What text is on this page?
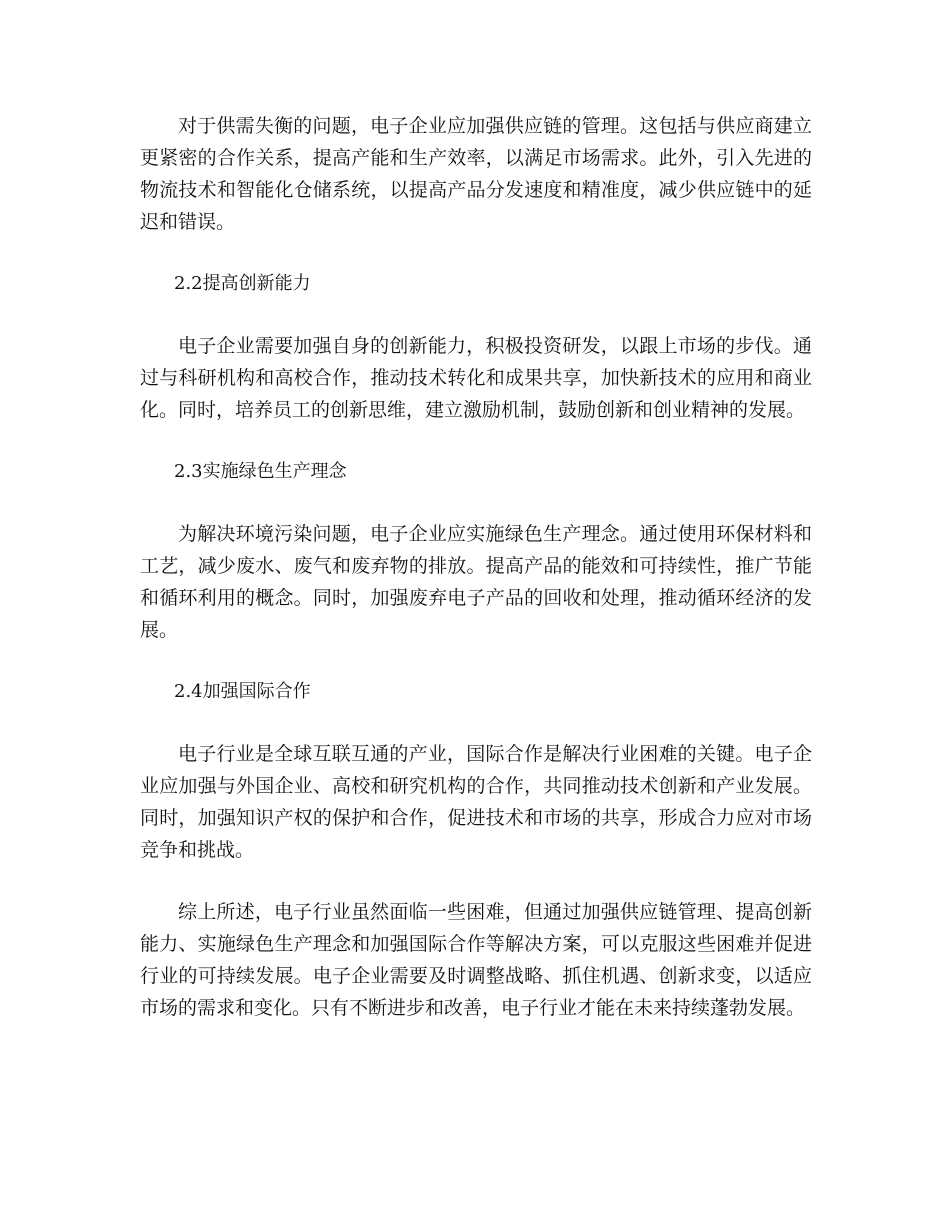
对于供需失衡的问题，电子企业应加强供应链的管理。这包括与供应商建立更紧密的合作关系，提高产能和生产效率，以满足市场需求。此外，引入先进的物流技术和智能化仓储系统，以提高产品分发速度和精准度，减少供应链中的延迟和错误。

2.2提高创新能力

电子企业需要加强自身的创新能力，积极投资研发，以跟上市场的步伐。通过与科研机构和高校合作，推动技术转化和成果共享，加快新技术的应用和商业化。同时，培养员工的创新思维，建立激励机制，鼓励创新和创业精神的发展。

2.3实施绿色生产理念

为解决环境污染问题，电子企业应实施绿色生产理念。通过使用环保材料和工艺，减少废水、废气和废弃物的排放。提高产品的能效和可持续性，推广节能和循环利用的概念。同时，加强废弃电子产品的回收和处理，推动循环经济的发展。

2.4加强国际合作

电子行业是全球互联互通的产业，国际合作是解决行业困难的关键。电子企业应加强与外国企业、高校和研究机构的合作，共同推动技术创新和产业发展。同时，加强知识产权的保护和合作，促进技术和市场的共享，形成合力应对市场竞争和挑战。

综上所述，电子行业虽然面临一些困难，但通过加强供应链管理、提高创新能力、实施绿色生产理念和加强国际合作等解决方案，可以克服这些困难并促进行业的可持续发展。电子企业需要及时调整战略、抓住机遇、创新求变，以适应市场的需求和变化。只有不断进步和改善，电子行业才能在未来持续蓬勃发展。
